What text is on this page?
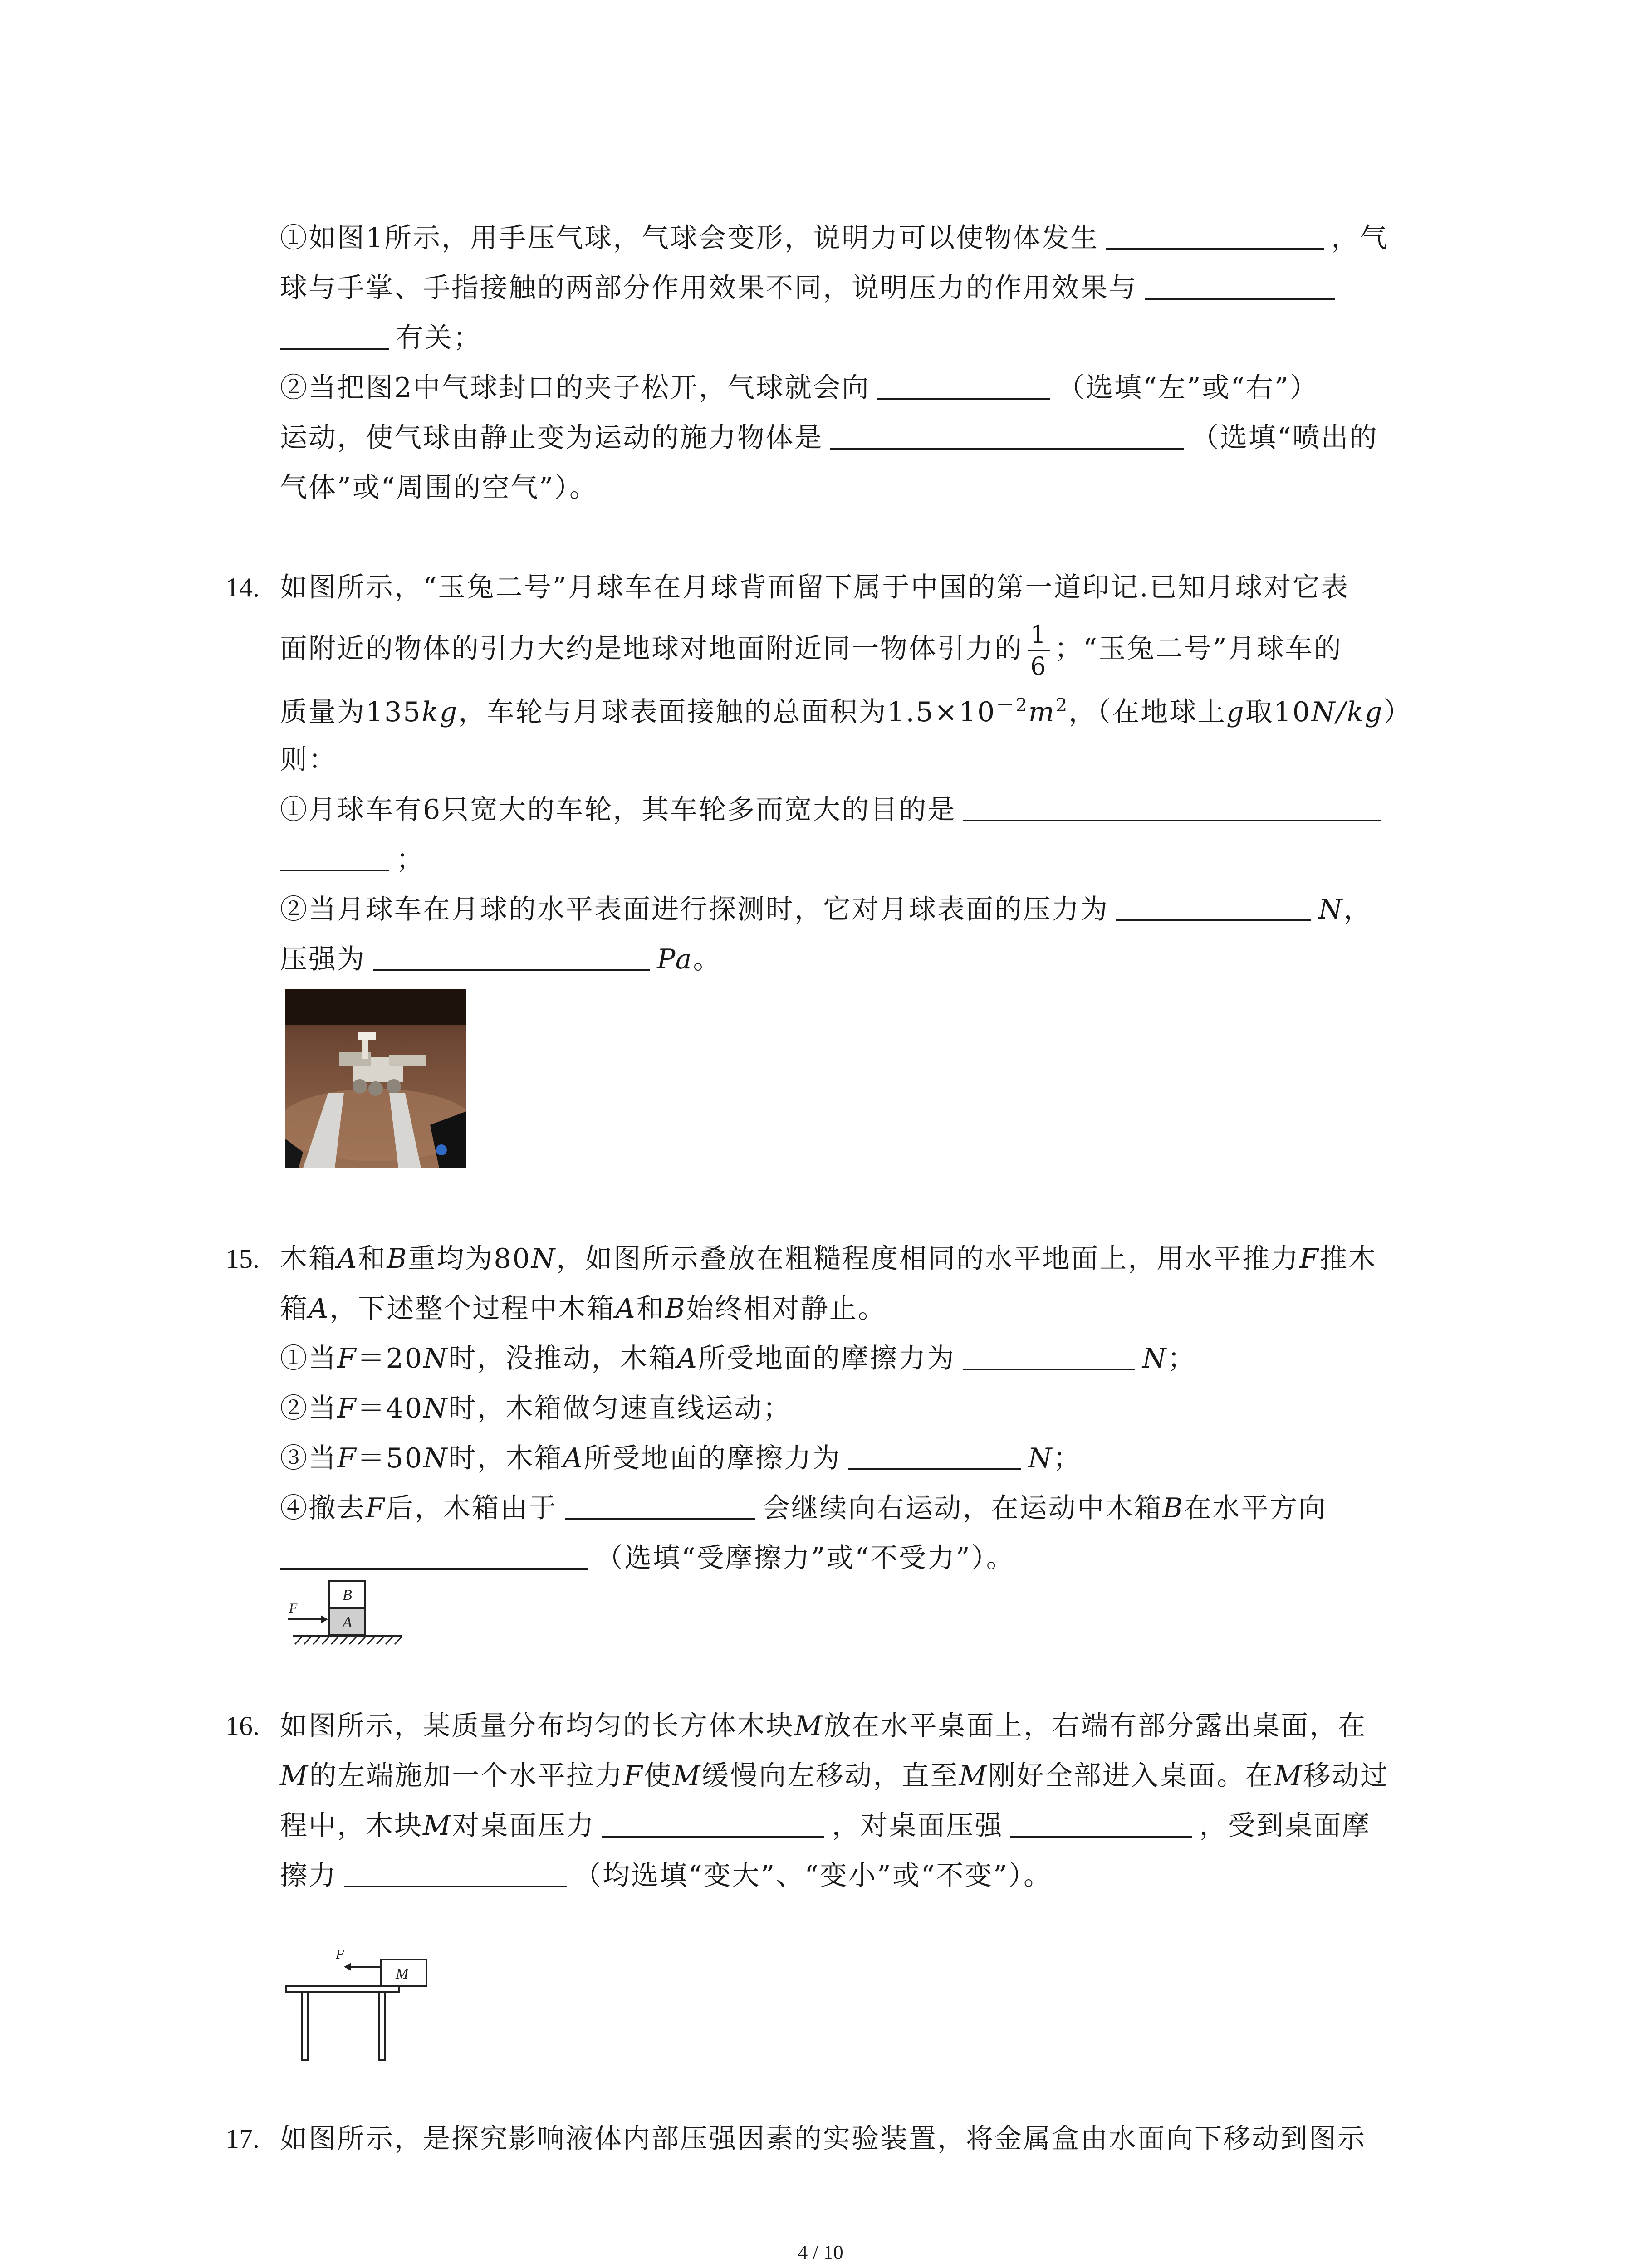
①如图1所示，用手压气球，气球会变形，说明力可以使物体发生	，气
球与手掌、手指接触的两部分作用效果不同，说明压力的作用效果与
有关；
②当把图2中气球封口的夹子松开，气球就会向	（选填“左”或“右”）
运动，使气球由静止变为运动的施力物体是	（选填“喷出的
气体”或“周围的空气”）。
14. 如图所示，“玉兔二号”月球车在月球背面留下属于中国的第一道印记.已知月球对它表
面附近的物体的引力大约是地球对地面附近同一物体引力的 $\frac{1}{6}$ ；“玉兔二号”月球车的
质量为135kg，车轮与月球表面接触的总面积为$1.5\times 10^{-2}m^2$，（在地球上g取10N/kg）
则：
①月球车有6只宽大的车轮，其车轮多而宽大的目的是
；
②当月球车在月球的水平表面进行探测时，它对月球表面的压力为	N，
压强为	Pa。
15. 木箱A和B重均为80N，如图所示叠放在粗糙程度相同的水平地面上，用水平推力F推木
箱A，下述整个过程中木箱A和B始终相对静止。
①当F＝20N时，没推动，木箱A所受地面的摩擦力为	N；
②当F＝40N时，木箱做匀速直线运动；
③当F＝50N时，木箱A所受地面的摩擦力为	N；
④撤去F后，木箱由于	会继续向右运动，在运动中木箱B在水平方向
（选填“受摩擦力”或“不受力”）。
B
A
F
16. 如图所示，某质量分布均匀的长方体木块M放在水平桌面上，右端有部分露出桌面，在
M的左端施加一个水平拉力F使M缓慢向左移动，直至M刚好全部进入桌面。在M移动过
程中，木块M对桌面压力	，对桌面压强	，受到桌面摩
擦力	（均选填“变大”、“变小”或“不变”）。
M
F
17. 如图所示，是探究影响液体内部压强因素的实验装置，将金属盒由水面向下移动到图示
4 / 10
